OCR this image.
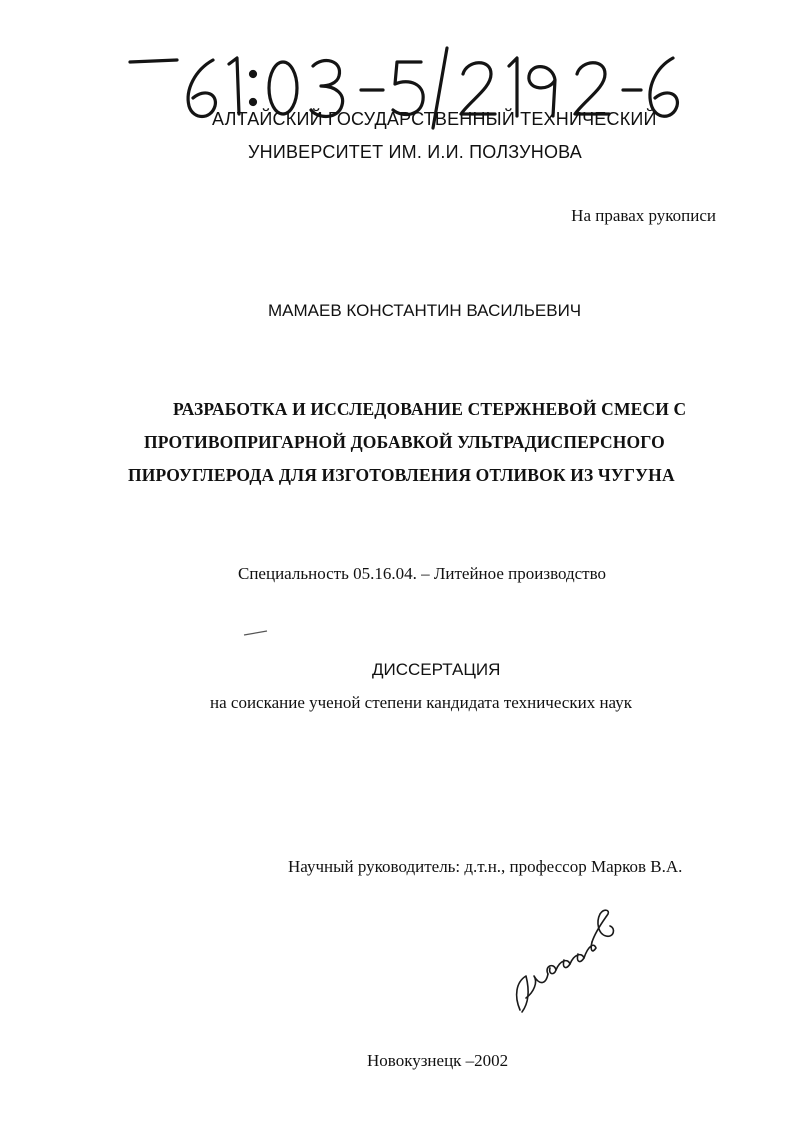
АЛТАЙСКИЙ ГОСУДАРСТВЕННЫЙ ТЕХНИЧЕСКИЙ
УНИВЕРСИТЕТ ИМ. И.И. ПОЛЗУНОВА
На правах рукописи
МАМАЕВ КОНСТАНТИН ВАСИЛЬЕВИЧ
РАЗРАБОТКА И ИССЛЕДОВАНИЕ СТЕРЖНЕВОЙ СМЕСИ С
ПРОТИВОПРИГАРНОЙ ДОБАВКОЙ УЛЬТРАДИСПЕРСНОГО
ПИРОУГЛЕРОДА ДЛЯ ИЗГОТОВЛЕНИЯ ОТЛИВОК ИЗ ЧУГУНА
Специальность 05.16.04. – Литейное производство
ДИССЕРТАЦИЯ
на соискание ученой степени кандидата технических наук
Научный руководитель: д.т.н., профессор Марков В.А.
Новокузнецк –2002
